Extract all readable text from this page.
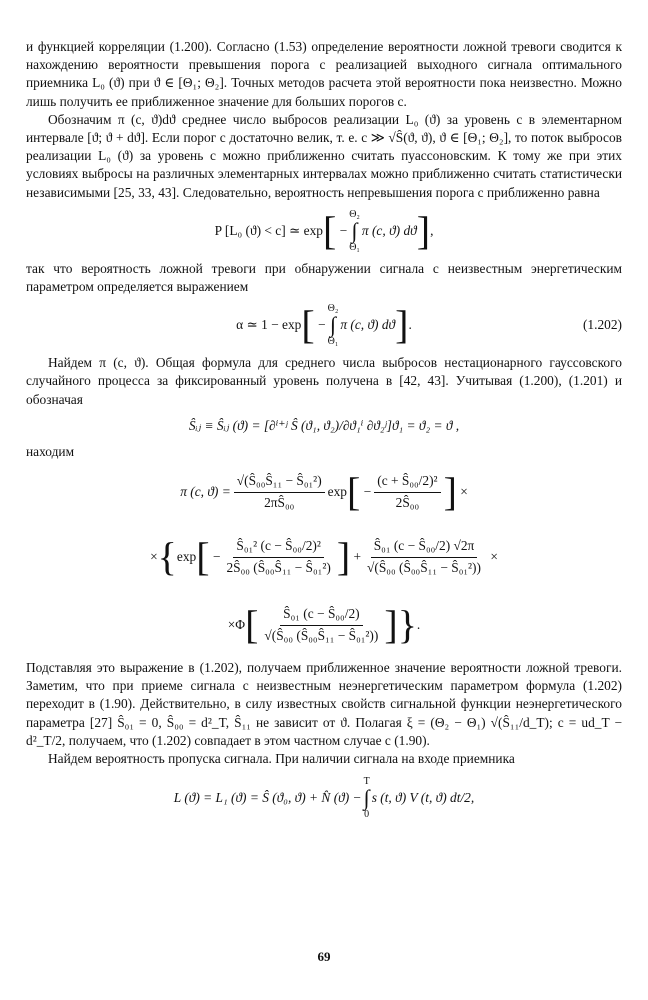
и функцией корреляции (1.200). Согласно (1.53) определение вероятности ложной тревоги сводится к нахождению вероятности превышения порога c реализацией выходного сигнала оптимального приемника L₀ (ϑ) при ϑ ∈ [Θ₁; Θ₂]. Точных методов расчета этой вероятности пока неизвестно. Можно лишь получить ее приближенное значение для больших порогов c.

Обозначим π (c, ϑ)dϑ среднее число выбросов реализации L₀ (ϑ) за уровень c в элементарном интервале [ϑ; ϑ + dϑ]. Если порог c достаточно велик, т. е. c ≫ √Ŝ(ϑ, ϑ), ϑ ∈ [Θ₁; Θ₂], то поток выбросов реализации L₀ (ϑ) за уровень c можно приближенно считать пуассоновским. К тому же при этих условиях выбросы на различных элементарных интервалах можно приближенно считать статистически независимыми [25, 33, 43]. Следовательно, вероятность непревышения порога c приближенно равна

P [L₀ (ϑ) < c] ≃ exp [ −
Θ₂
∫
Θ₁
π (c, ϑ) dϑ ] ,

так что вероятность ложной тревоги при обнаружении сигнала с неизвестным энергетическим параметром определяется выражением

α ≃ 1 − exp [ −
Θ₂
∫
Θ₁
π (c, ϑ) dϑ ] .	(1.202)

Найдем π (c, ϑ). Общая формула для среднего числа выбросов нестационарного гауссовского случайного процесса за фиксированный уровень получена в [42, 43]. Учитывая (1.200), (1.201) и обозначая

Ŝᵢⱼ ≡ Ŝᵢⱼ (ϑ) = [∂ⁱ⁺ʲ Ŝ (ϑ₁, ϑ₂)/∂ϑ₁ⁱ ∂ϑ₂ʲ]ϑ₁ = ϑ₂ = ϑ ,

находим

π (c, $ϑ) = \frac{\text{√(Ŝ₀₀Ŝ₁₁ − Ŝ₀₁²)}}{\text{2πŜ₀₀}}$ exp [ − $\frac{\text{(c + Ŝ₀₀/2)²}}{\text{2Ŝ₀₀}}$ ] ×
× { exp [ − $\frac{\text{Ŝ₀₁² (c − Ŝ₀₀/2)²}}{\text{2Ŝ₀₀ (Ŝ₀₀Ŝ₁₁ − Ŝ₀₁²)}}$ ] + $\frac{\text{Ŝ₀₁ (c − Ŝ₀₀/2) √2π}}{\text{√(Ŝ₀₀ (Ŝ₀₀Ŝ₁₁ − Ŝ₀₁²))}}$ ×
×Φ [ $\frac{\text{Ŝ₀₁ (c − Ŝ₀₀/2)}}{\text{√(Ŝ₀₀ (Ŝ₀₀Ŝ₁₁ − Ŝ₀₁²))}}$ ] } .

Подставляя это выражение в (1.202), получаем приближенное значение вероятности ложной тревоги. Заметим, что при приеме сигнала с неизвестным неэнергетическим параметром формула (1.202) переходит в (1.90). Действительно, в силу известных свойств сигнальной функции неэнергетического параметра [27] Ŝ₀₁ = 0, Ŝ₀₀ = d²_T, Ŝ₁₁ не зависит от ϑ. Полагая ξ = (Θ₂ − Θ₁) √(Ŝ₁₁/d_T); c = ud_T − d²_T/2, получаем, что (1.202) совпадает в этом частном случае с (1.90).

Найдем вероятность пропуска сигнала. При наличии сигнала на входе приемника

L (ϑ) = L₁ (ϑ) = Ŝ (ϑ₀, ϑ) + N̂ (ϑ) −
T
∫
0
s (t, ϑ) V (t, ϑ) dt/2,
69
